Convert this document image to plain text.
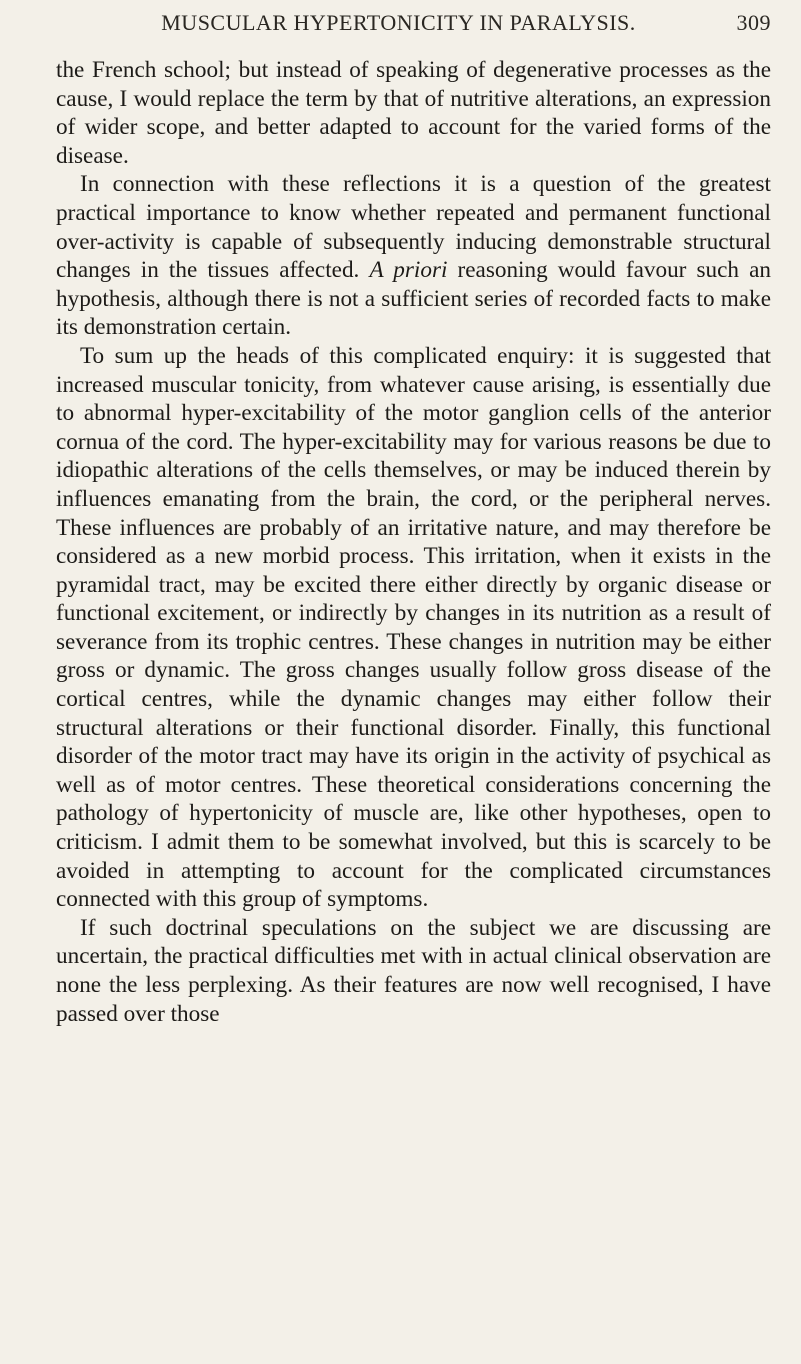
MUSCULAR HYPERTONICITY IN PARALYSIS.	309

the French school; but instead of speaking of degenerative processes as the cause, I would replace the term by that of nutritive alterations, an expression of wider scope, and better adapted to account for the varied forms of the disease.

In connection with these reflections it is a question of the greatest practical importance to know whether repeated and permanent functional over-activity is capable of subsequently inducing demonstrable structural changes in the tissues affected. A priori reasoning would favour such an hypothesis, although there is not a sufficient series of recorded facts to make its demonstration certain.

To sum up the heads of this complicated enquiry: it is suggested that increased muscular tonicity, from whatever cause arising, is essentially due to abnormal hyper-excitability of the motor ganglion cells of the anterior cornua of the cord. The hyper-excitability may for various reasons be due to idiopathic alterations of the cells themselves, or may be induced therein by influences emanating from the brain, the cord, or the peripheral nerves. These influences are probably of an irritative nature, and may therefore be considered as a new morbid process. This irritation, when it exists in the pyramidal tract, may be excited there either directly by organic disease or functional excitement, or indirectly by changes in its nutrition as a result of severance from its trophic centres. These changes in nutrition may be either gross or dynamic. The gross changes usually follow gross disease of the cortical centres, while the dynamic changes may either follow their structural alterations or their functional disorder. Finally, this functional disorder of the motor tract may have its origin in the activity of psychical as well as of motor centres. These theoretical considerations concerning the pathology of hypertonicity of muscle are, like other hypotheses, open to criticism. I admit them to be somewhat involved, but this is scarcely to be avoided in attempting to account for the complicated circumstances connected with this group of symptoms.

If such doctrinal speculations on the subject we are discussing are uncertain, the practical difficulties met with in actual clinical observation are none the less perplexing. As their features are now well recognised, I have passed over those
